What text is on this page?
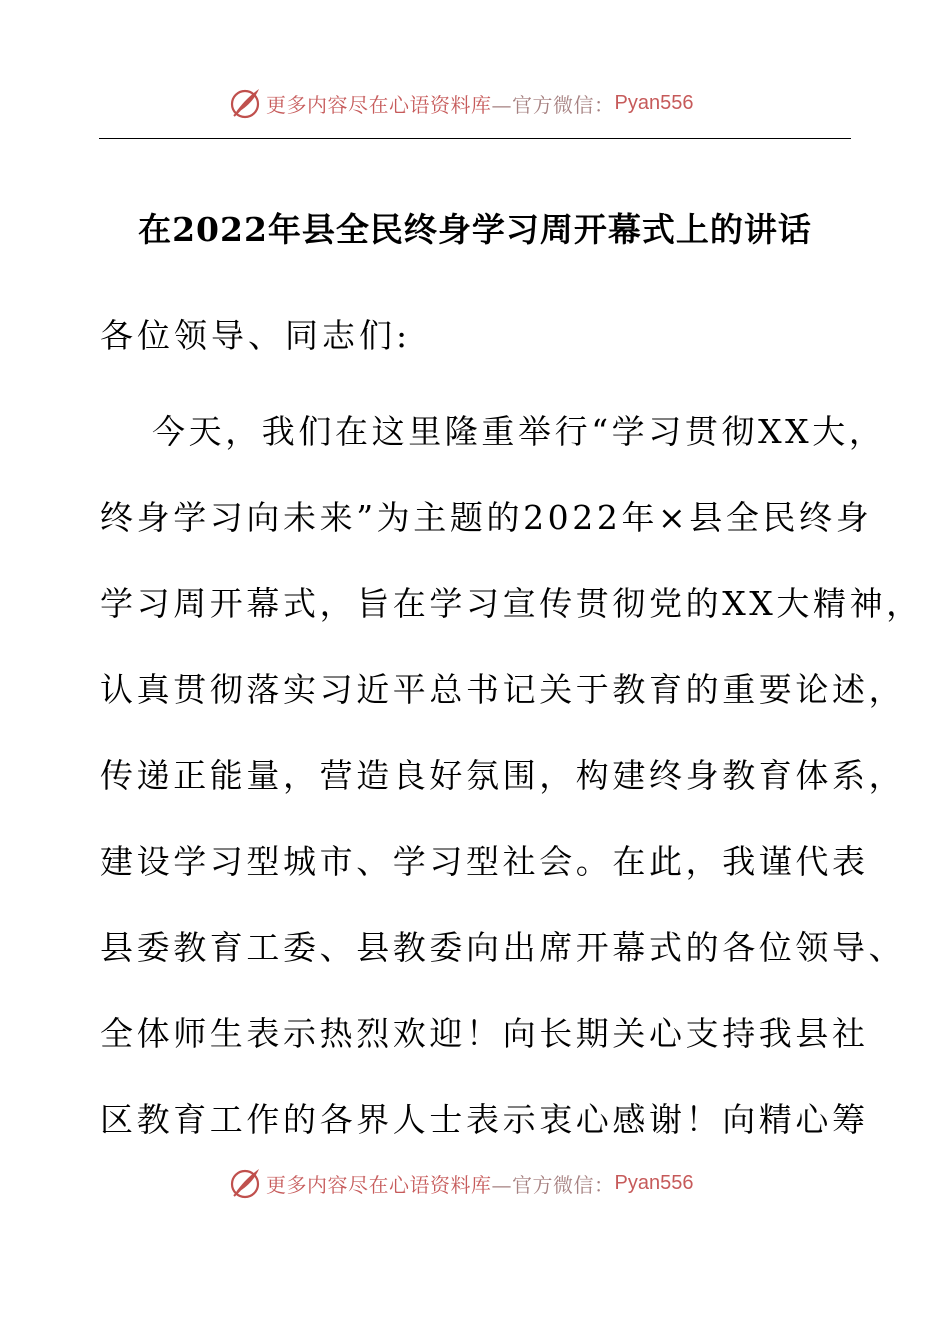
更多内容尽在心语资料库 —官方微信： Pyan556
在2022年县全民终身学习周开幕式上的讲话
各位领导、同志们:
今天，我们在这里隆重举行“学习贯彻XX大，
终身学习向未来”为主题的2022年×县全民终身
学习周开幕式，旨在学习宣传贯彻党的XX大精神，
认真贯彻落实习近平总书记关于教育的重要论述，
传递正能量，营造良好氛围，构建终身教育体系，
建设学习型城市、学习型社会。在此，我谨代表
县委教育工委、县教委向出席开幕式的各位领导、
全体师生表示热烈欢迎！向长期关心支持我县社
区教育工作的各界人士表示衷心感谢！向精心筹
更多内容尽在心语资料库 —官方微信： Pyan556
